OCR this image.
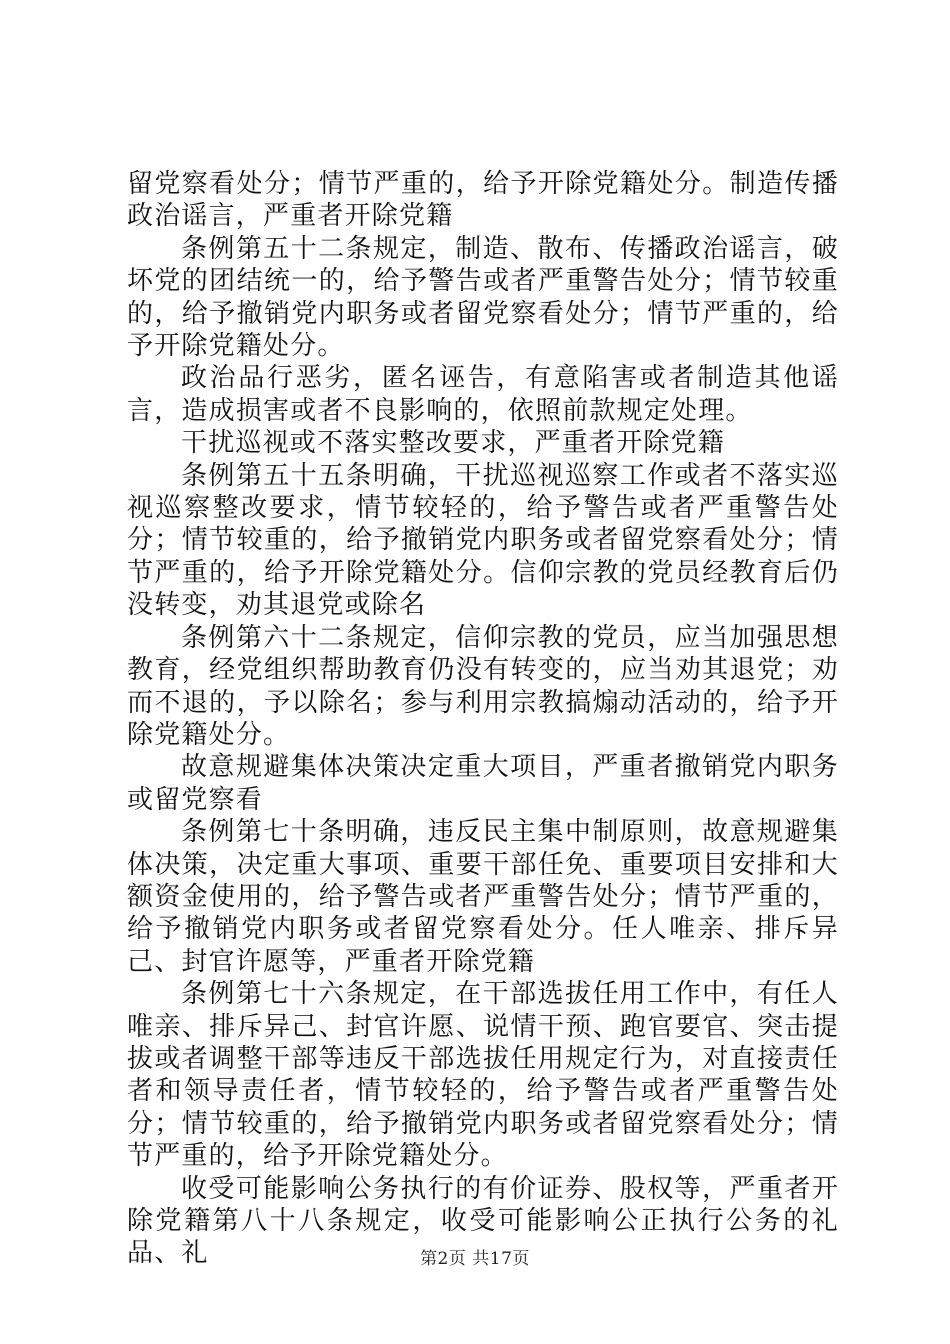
留党察看处分；情节严重的，给予开除党籍处分。制造传播政治谣言，严重者开除党籍

条例第五十二条规定，制造、散布、传播政治谣言，破坏党的团结统一的，给予警告或者严重警告处分；情节较重的，给予撤销党内职务或者留党察看处分；情节严重的，给予开除党籍处分。

政治品行恶劣，匿名诬告，有意陷害或者制造其他谣言，造成损害或者不良影响的，依照前款规定处理。

干扰巡视或不落实整改要求，严重者开除党籍

条例第五十五条明确，干扰巡视巡察工作或者不落实巡视巡察整改要求，情节较轻的，给予警告或者严重警告处分；情节较重的，给予撤销党内职务或者留党察看处分；情节严重的，给予开除党籍处分。信仰宗教的党员经教育后仍没转变，劝其退党或除名

条例第六十二条规定，信仰宗教的党员，应当加强思想教育，经党组织帮助教育仍没有转变的，应当劝其退党；劝而不退的，予以除名；参与利用宗教搞煽动活动的，给予开除党籍处分。

故意规避集体决策决定重大项目，严重者撤销党内职务或留党察看

条例第七十条明确，违反民主集中制原则，故意规避集体决策，决定重大事项、重要干部任免、重要项目安排和大额资金使用的，给予警告或者严重警告处分；情节严重的，给予撤销党内职务或者留党察看处分。任人唯亲、排斥异己、封官许愿等，严重者开除党籍

条例第七十六条规定，在干部选拔任用工作中，有任人唯亲、排斥异己、封官许愿、说情干预、跑官要官、突击提拔或者调整干部等违反干部选拔任用规定行为，对直接责任者和领导责任者，情节较轻的，给予警告或者严重警告处分；情节较重的，给予撤销党内职务或者留党察看处分；情节严重的，给予开除党籍处分。

收受可能影响公务执行的有价证券、股权等，严重者开除党籍第八十八条规定，收受可能影响公正执行公务的礼品、礼	第2页 共17页
